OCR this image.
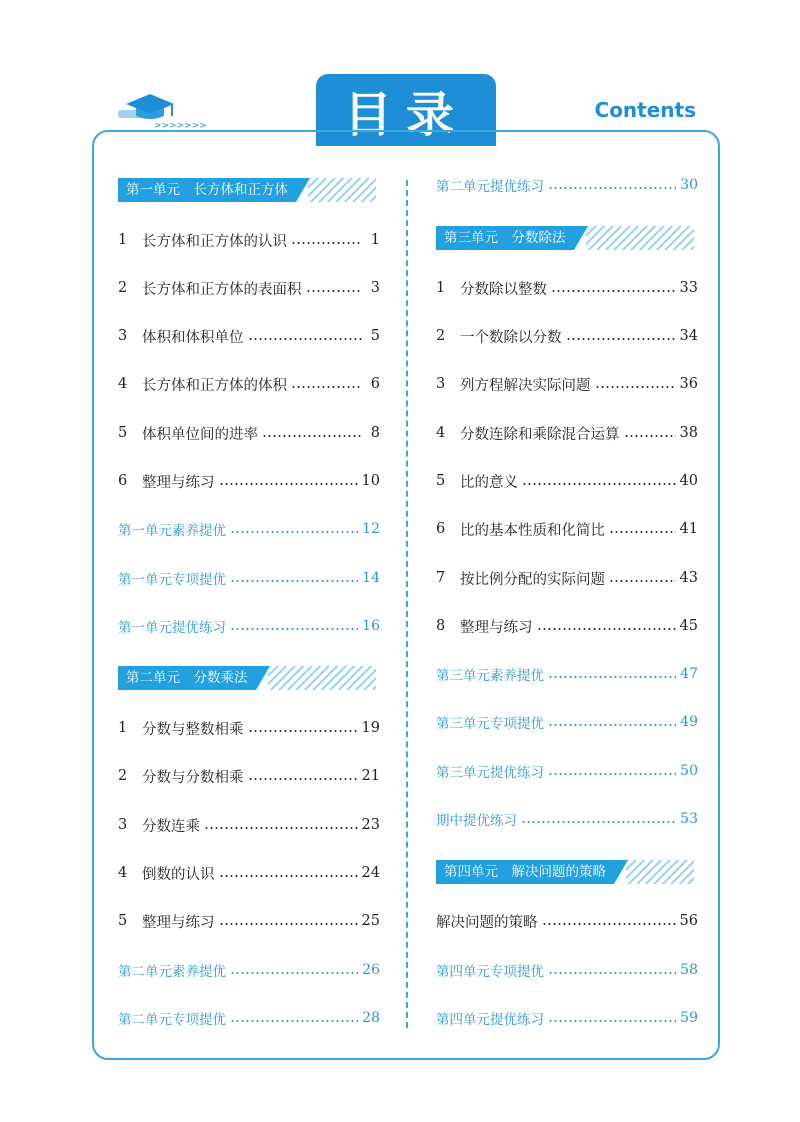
>>>>>>>	目录	Contents
第一单元　长方体和正方体
1	长方体和正方体的认识	1
2	长方体和正方体的表面积	3
3	体积和体积单位	5
4	长方体和正方体的体积	6
5	体积单位间的进率	8
6	整理与练习	10
第一单元素养提优	12
第一单元专项提优	14
第一单元提优练习	16
第二单元　分数乘法
1	分数与整数相乘	19
2	分数与分数相乘	21
3	分数连乘	23
4	倒数的认识	24
5	整理与练习	25
第二单元素养提优	26
第二单元专项提优	28
第二单元提优练习	30
第三单元　分数除法
1	分数除以整数	33
2	一个数除以分数	34
3	列方程解决实际问题	36
4	分数连除和乘除混合运算	38
5	比的意义	40
6	比的基本性质和化简比	41
7	按比例分配的实际问题	43
8	整理与练习	45
第三单元素养提优	47
第三单元专项提优	49
第三单元提优练习	50
期中提优练习	53
第四单元　解决问题的策略
解决问题的策略	56
第四单元专项提优	58
第四单元提优练习	59
